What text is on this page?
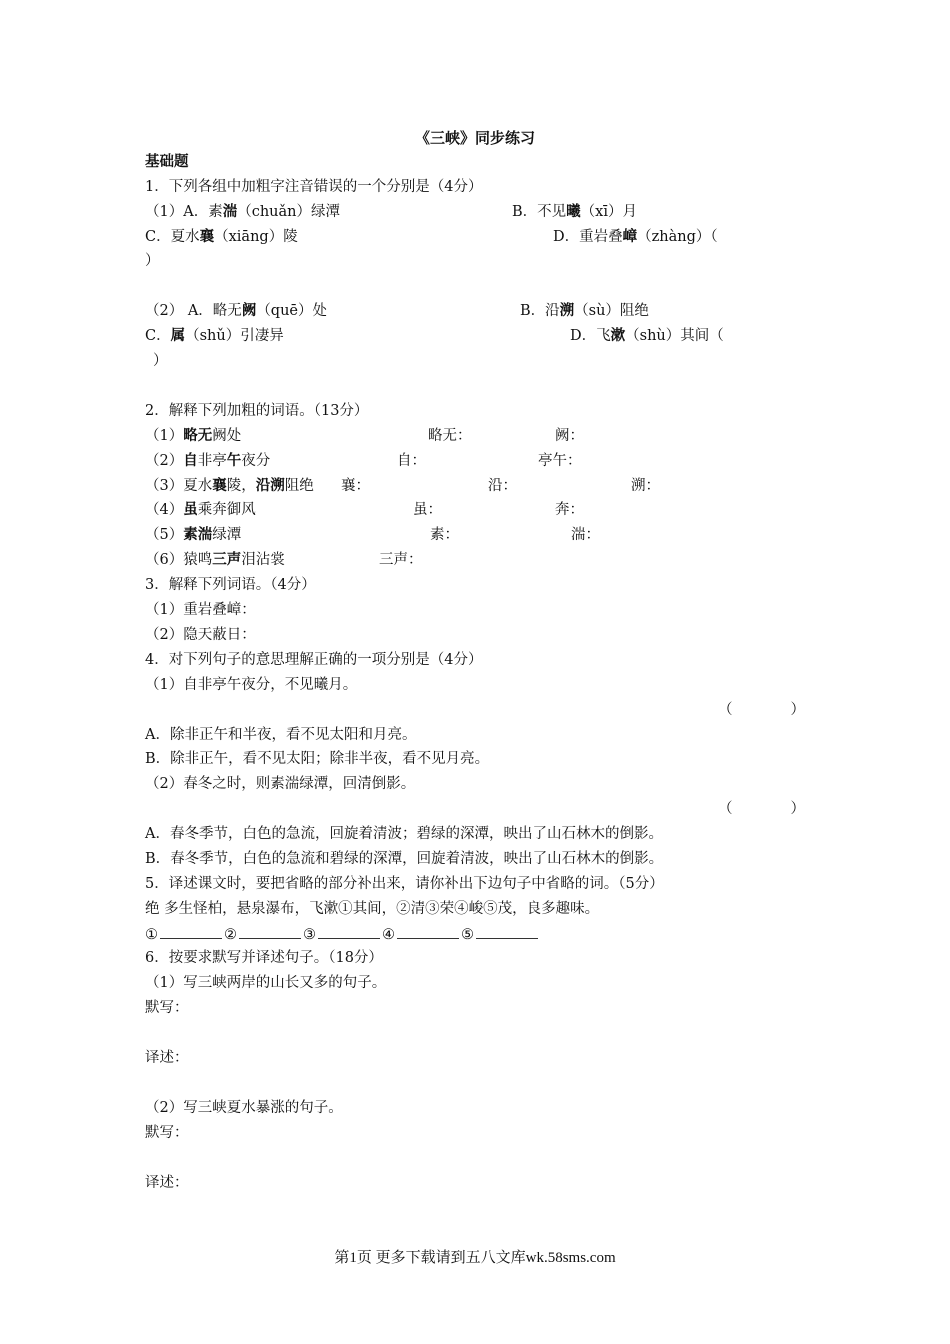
《三峡》同步练习
基础题
1．下列各组中加粗字注音错误的一个分别是（4分）
（1）A．素湍（chuǎn）绿潭	B．不见曦（xī）月
C．夏水襄（xiāng）陵	D．重岩叠嶂（zhàng）（
）
（2） A．略无阙（quē）处	B．沿溯（sù）阻绝
C．属（shǔ）引凄异	D．飞漱（shù）其间（
）
2．解释下列加粗的词语。（13分）
（1）略无阙处	略无：	阙：
（2）自非亭午夜分	自：	亭午：
（3）夏水襄陵，沿溯阻绝 襄：	沿：	溯：
（4）虽乘奔御风	虽：	奔：
（5）素湍绿潭	素：	湍：
（6）猿鸣三声泪沾裳	三声：
3．解释下列词语。（4分）
（1）重岩叠嶂：
（2）隐天蔽日：
4．对下列句子的意思理解正确的一项分别是（4分）
（1）自非亭午夜分，不见曦月。
（　　　　）
A．除非正午和半夜，看不见太阳和月亮。
B．除非正午，看不见太阳；除非半夜，看不见月亮。
（2）春冬之时，则素湍绿潭，回清倒影。
（　　　　）
A．春冬季节，白色的急流，回旋着清波；碧绿的深潭，映出了山石林木的倒影。
B．春冬季节，白色的急流和碧绿的深潭，回旋着清波，映出了山石林木的倒影。
5．译述课文时，要把省略的部分补出来，请你补出下边句子中省略的词。（5分）
绝 多生怪柏，悬泉瀑布，飞漱①其间，②清③荣④峻⑤茂，良多趣味。
①	②	③	④	⑤
6．按要求默写并译述句子。（18分）
（1）写三峡两岸的山长又多的句子。
默写：
译述：
（2）写三峡夏水暴涨的句子。
默写：
译述：
第1页 更多下载请到五八文库wk.58sms.com
